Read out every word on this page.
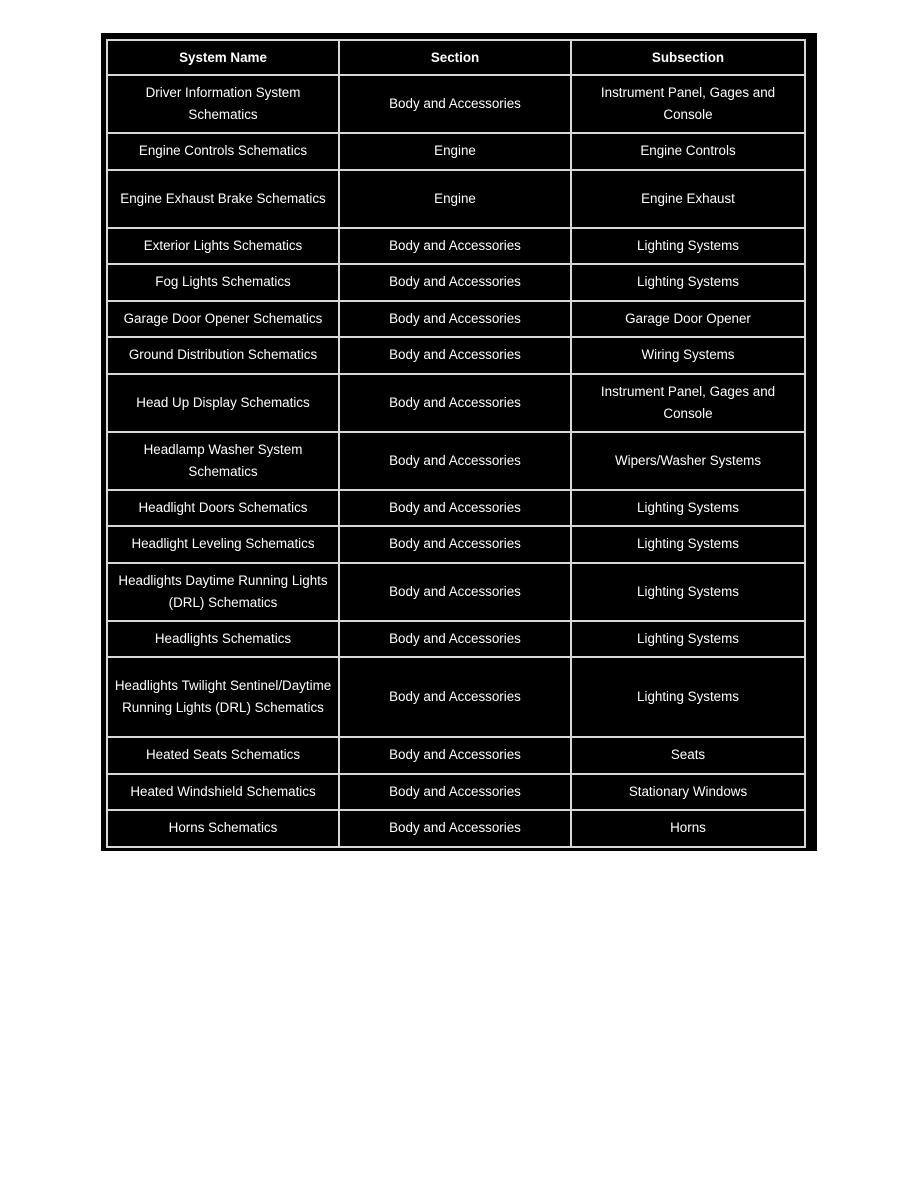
System Name	Section	Subsection
Driver Information System Schematics	Body and Accessories	Instrument Panel, Gages and Console
Engine Controls Schematics	Engine	Engine Controls
Engine Exhaust Brake Schematics	Engine	Engine Exhaust
Exterior Lights Schematics	Body and Accessories	Lighting Systems
Fog Lights Schematics	Body and Accessories	Lighting Systems
Garage Door Opener Schematics	Body and Accessories	Garage Door Opener
Ground Distribution Schematics	Body and Accessories	Wiring Systems
Head Up Display Schematics	Body and Accessories	Instrument Panel, Gages and Console
Headlamp Washer System Schematics	Body and Accessories	Wipers/Washer Systems
Headlight Doors Schematics	Body and Accessories	Lighting Systems
Headlight Leveling Schematics	Body and Accessories	Lighting Systems
Headlights Daytime Running Lights (DRL) Schematics	Body and Accessories	Lighting Systems
Headlights Schematics	Body and Accessories	Lighting Systems
Headlights Twilight Sentinel/Daytime Running Lights (DRL) Schematics	Body and Accessories	Lighting Systems
Heated Seats Schematics	Body and Accessories	Seats
Heated Windshield Schematics	Body and Accessories	Stationary Windows
Horns Schematics	Body and Accessories	Horns
